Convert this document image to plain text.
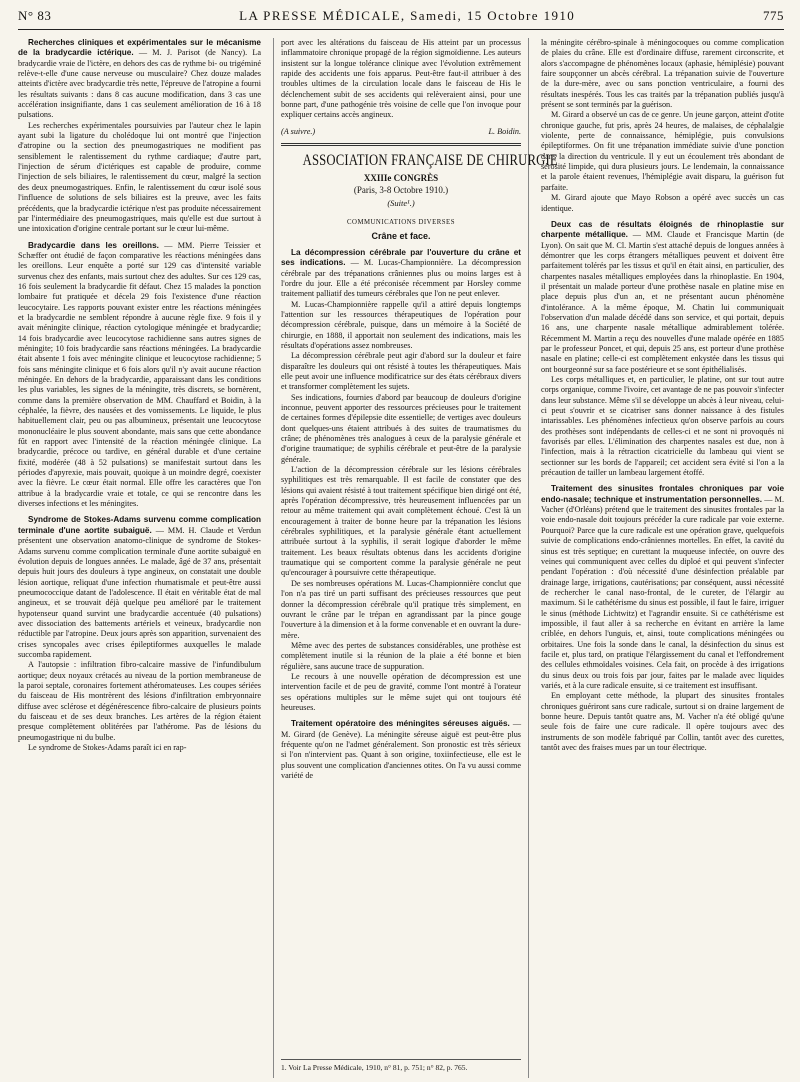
N° 83	LA PRESSE MÉDICALE, Samedi, 15 Octobre 1910	775

Recherches cliniques et expérimentales sur le mécanisme de la bradycardie ictérique. — M. J. Parisot (de Nancy). La bradycardie vraie de l'ictère, en dehors des cas de rythme bi- ou trigéminé relève-t-elle d'une cause nerveuse ou musculaire? Chez douze malades atteints d'ictère avec bradycardie très nette, l'épreuve de l'atropine a fourni les résultats suivants : dans 8 cas aucune modification, dans 3 cas une accélération insignifiante, dans 1 cas seulement amélioration de 16 à 18 pulsations.

Les recherches expérimentales poursuivies par l'auteur chez le lapin ayant subi la ligature du cholédoque lui ont montré que l'injection d'atropine ou la section des pneumogastriques ne modifient pas sensiblement le ralentissement du rythme cardiaque; d'autre part, l'injection de sérum d'ictériques est capable de produire, comme l'injection de sels biliaires, le ralentissement du cœur, malgré la section des deux pneumogastriques. Enfin, le ralentissement du cœur isolé sous l'influence de solutions de sels biliaires est la preuve, avec les faits précédents, que la bradycardie ictérique n'est pas produite nécessairement par l'intermédiaire des pneumogastriques, mais qu'elle est due surtout à une intoxication d'origine centrale portant sur le cœur lui-même.

Bradycardie dans les oreillons. — MM. Pierre Teissier et Schæffer ont étudié de façon comparative les réactions méningées dans les oreillons. Leur enquête a porté sur 129 cas d'intensité variable survenus chez des enfants, mais surtout chez des adultes. Sur ces 129 cas, 16 fois seulement la bradycardie fit défaut. Chez 15 malades la ponction lombaire fut pratiquée et décela 29 fois l'existence d'une réaction leucocytaire. Les rapports pouvant exister entre les réactions méningées et la bradycardie ne semblent répondre à aucune règle fixe. 9 fois il y avait méningite clinique, réaction cytologique méningée et bradycardie; 14 fois bradycardie avec leucocytose rachidienne sans autres signes de méningite; 10 fois bradycardie sans réactions méningées. La bradycardie était absente 1 fois avec méningite clinique et leucocytose rachidienne; 5 fois sans méningite clinique et 6 fois alors qu'il n'y avait aucune réaction méningée. En dehors de la bradycardie, apparaissant dans les conditions les plus variables, les signes de la méningite, très discrets, se bornèrent, comme dans la première observation de MM. Chauffard et Boidin, à la céphalée, la fièvre, des nausées et des vomissements. Le liquide, le plus habituellement clair, peu ou pas albumineux, présentait une leucocytose mononucléaire le plus souvent abondante, mais sans que cette abondance fût en rapport avec l'intensité de la réaction méningée clinique. La bradycardie, précoce ou tardive, en général durable et d'une certaine fixité, modérée (48 à 52 pulsations) se manifestait surtout dans les périodes d'apyrexie, mais pouvait, quoique à un moindre degré, coexister avec la fièvre. Le cœur était normal. Elle offre les caractères que l'on attribue à la bradycardie vraie et totale, ce qui se rencontre dans les diverses infections et les méningites.

Syndrome de Stokes-Adams survenu comme complication terminale d'une aortite subaiguë. — MM. H. Claude et Verdun présentent une observation anatomo-clinique de syndrome de Stokes-Adams survenu comme complication terminale d'une aortite subaiguë en évolution depuis de longues années. Le malade, âgé de 37 ans, présentait depuis huit jours des douleurs à type angineux, on constatait une double lésion aortique, reliquat d'une infection rhumatismale et peut-être aussi pneumococcique datant de l'adolescence. Il était en véritable état de mal angineux, et se trouvait déjà quelque peu amélioré par le traitement hypotenseur quand survint une bradycardie accentuée (40 pulsations) avec dissociation des battements artériels et veineux, bradycardie non réductible par l'atropine. Deux jours après son apparition, survenaient des crises syncopales avec crises épileptiformes auxquelles le malade succomba rapidement.

A l'autopsie : infiltration fibro-calcaire massive de l'infundibulum aortique; deux noyaux crétacés au niveau de la portion membraneuse de la paroi septale, coronaires fortement athéromateuses. Les coupes sériées du faisceau de His montrèrent des lésions d'infiltration embryonnaire diffuse avec sclérose et dégénérescence fibro-calcaire de plusieurs points du faisceau et de ses deux branches. Les artères de la région étaient presque complètement oblitérées par l'athérome. Pas de lésions du pneumogastrique ni du bulbe.

Le syndrome de Stokes-Adams paraît ici en rap-

port avec les altérations du faisceau de His atteint par un processus inflammatoire chronique propagé de la région sigmoïdienne. Les auteurs insistent sur la longue tolérance clinique avec l'évolution extrêmement rapide des accidents une fois apparus. Peut-être faut-il attribuer à des troubles ultimes de la circulation locale dans le faisceau de His le déclenchement subit de ses accidents qui relèveraient ainsi, pour une bonne part, d'une pathogénie très voisine de celle que l'on invoque pour expliquer certains accès angineux.

(A suivre.)	L. Boidin.
ASSOCIATION FRANÇAISE DE CHIRURGIE
XXIIIe CONGRÈS
(Paris, 3-8 Octobre 1910.)
(Suite¹.)
COMMUNICATIONS DIVERSES
Crâne et face.

La décompression cérébrale par l'ouverture du crâne et ses indications. — M. Lucas-Championnière. La décompression cérébrale par des trépanations crâniennes plus ou moins larges est à l'ordre du jour. Elle a été préconisée récemment par Horsley comme traitement palliatif des tumeurs cérébrales que l'on ne peut enlever.

M. Lucas-Championnière rappelle qu'il a attiré depuis longtemps l'attention sur les ressources thérapeutiques de l'opération pour décompression cérébrale, puisque, dans un mémoire à la Société de chirurgie, en 1888, il apportait non seulement des indications, mais les résultats d'opérations assez nombreuses.

La décompression cérébrale peut agir d'abord sur la douleur et faire disparaître les douleurs qui ont résisté à toutes les thérapeutiques. Mais elle peut avoir une influence modificatrice sur des états cérébraux divers et transformer complètement les sujets.

Ses indications, fournies d'abord par beaucoup de douleurs d'origine inconnue, peuvent apporter des ressources précieuses pour le traitement de certaines formes d'épilepsie dite essentielle; de vertiges avec douleurs dont quelques-uns étaient attribués à des suites de traumatismes du crâne; de phénomènes très analogues à ceux de la paralysie générale et d'origine traumatique; de syphilis cérébrale et peut-être de la paralysie générale.

L'action de la décompression cérébrale sur les lésions cérébrales syphilitiques est très remarquable. Il est facile de constater que des lésions qui avaient résisté à tout traitement spécifique bien dirigé ont été, après l'opération décompressive, très heureusement influencées par un retour au même traitement qui avait complètement échoué. C'est là un encouragement à traiter de bonne heure par la trépanation les lésions cérébrales syphilitiques, et la paralysie générale étant actuellement attribuée surtout à la syphilis, il serait logique d'aborder le même traitement. Les beaux résultats obtenus dans les accidents d'origine traumatique qui se comportent comme la paralysie générale ne peut qu'encourager à poursuivre cette thérapeutique.

De ses nombreuses opérations M. Lucas-Championnière conclut que l'on n'a pas tiré un parti suffisant des précieuses ressources que peut donner la décompression cérébrale qu'il pratique très simplement, en ouvrant le crâne par le trépan en agrandissant par la pince gouge l'ouverture à la dimension et à la forme convenable et en ouvrant la dure-mère.

Même avec des pertes de substances considérables, une prothèse est complètement inutile si la réunion de la plaie a été bonne et bien régulière, sans aucune trace de suppuration.

Le recours à une nouvelle opération de décompression est une intervention facile et de peu de gravité, comme l'ont montré à l'orateur ses opérations multiples sur le même sujet qui ont toujours été heureuses.

Traitement opératoire des méningites séreuses aiguës. — M. Girard (de Genève). La méningite séreuse aiguë est peut-être plus fréquente qu'on ne l'admet généralement. Son pronostic est très sérieux si l'on n'intervient pas. Quant à son origine, toxiinfectieuse, elle est le plus souvent une complication d'anciennes otites. On l'a vu aussi comme variété de

1. Voir La Presse Médicale, 1910, n° 81, p. 751; n° 82, p. 765.

la méningite cérébro-spinale à méningocoques ou comme complication de plaies du crâne. Elle est d'ordinaire diffuse, rarement circonscrite, et alors s'accompagne de phénomènes locaux (aphasie, hémiplésie) pouvant faire soupçonner un abcès cérébral. La trépanation suivie de l'ouverture de la dure-mère, avec ou sans ponction ventriculaire, a fourni des résultats inespérés. Tous les cas traités par la trépanation publiés jusqu'à présent se sont terminés par la guérison.

M. Girard a observé un cas de ce genre. Un jeune garçon, atteint d'otite chronique gauche, fut pris, après 24 heures, de malaises, de céphalalgie violente, perte de connaissance, hémiplégie, puis convulsions épileptiformes. On fit une trépanation immédiate suivie d'une ponction dans la direction du ventricule. Il y eut un écoulement très abondant de sérosité limpide, qui dura plusieurs jours. Le lendemain, la connaissance et la parole étaient revenues, l'hémiplégie avait disparu, la guérison fut parfaite.

M. Girard ajoute que Mayo Robson a opéré avec succès un cas identique.

Deux cas de résultats éloignés de rhinoplastie sur charpente métallique. — MM. Claude et Francisque Martin (de Lyon). On sait que M. Cl. Martin s'est attaché depuis de longues années à démontrer que les corps étrangers métalliques peuvent et doivent être parfaitement tolérés par les tissus et qu'il en était ainsi, en particulier, des charpentes nasales métalliques employées dans la rhinoplastie. En 1904, il présentait un malade porteur d'une prothèse nasale en platine mise en place depuis plus d'un an, et ne présentant aucun phénomène d'intolérance. A la même époque, M. Chatin lui communiquait l'observation d'un malade décédé dans son service, et qui portait, depuis 16 ans, une charpente nasale métallique admirablement tolérée. Récemment M. Martin a reçu des nouvelles d'une malade opérée en 1885 par le professeur Poncet, et qui, depuis 25 ans, est porteur d'une prothèse nasale en platine; celle-ci est complètement enkystée dans les tissus qui ont bourgeonné sur sa face postérieure et se sont épithélialisés.

Les corps métalliques et, en particulier, le platine, ont sur tout autre corps organique, comme l'ivoire, cet avantage de ne pas pouvoir s'infecter dans leur substance. Même s'il se développe un abcès à leur niveau, celui-ci peut s'ouvrir et se cicatriser sans donner naissance à des fistules intarissables. Les phénomènes infectieux qu'on observe parfois au cours des prothèses sont indépendants de celles-ci et ne sont ni provoqués ni favorisés par elles. L'élimination des charpentes nasales est due, non à l'infection, mais à la rétraction cicatricielle du lambeau qui vient se sectionner sur les bords de l'appareil; cet accident sera évité si l'on a la précaution de tailler un lambeau largement étoffé.

Traitement des sinusites frontales chroniques par voie endo-nasale; technique et instrumentation personnelles. — M. Vacher (d'Orléans) prétend que le traitement des sinusites frontales par la voie endo-nasale doit toujours précéder la cure radicale par voie externe. Pourquoi? Parce que la cure radicale est une opération grave, quelquefois suivie de complications endo-crâniennes mortelles. En effet, la cavité du sinus est très septique; en curettant la muqueuse infectée, on ouvre des veines qui communiquent avec celles du diploé et qui peuvent s'infecter pendant l'opération : d'où nécessité d'une désinfection préalable par drainage large, irrigations, cautérisations; par conséquent, aussi nécessité de rechercher le canal naso-frontal, de le cureter, de l'élargir au maximum. Si le cathétérisme du sinus est possible, il faut le faire, irriguer le sinus (méthode Lichtwitz) et l'agrandir ensuite. Si ce cathétérisme est impossible, il faut aller à sa recherche en évitant en arrière la lame criblée, en dehors l'unguis, et, ainsi, toute complications méningées ou orbitaires. Une fois la sonde dans le canal, la désinfection du sinus est facile et, plus tard, on pratique l'élargissement du canal et l'effondrement des cellules ethmoïdales voisines. Cela fait, on procède à des irrigations du sinus deux ou trois fois par jour, faites par le malade avec liquides variés, et à la cure radicale ensuite, si ce traitement est insuffisant.

En employant cette méthode, la plupart des sinusites frontales chroniques guériront sans cure radicale, surtout si on draine largement de bonne heure. Depuis tantôt quatre ans, M. Vacher n'a été obligé qu'une seule fois de faire une cure radicale. Il opère toujours avec des instruments de son modèle fabriqué par Collin, tantôt avec des curettes, tantôt avec des fraises mues par un tour électrique.
